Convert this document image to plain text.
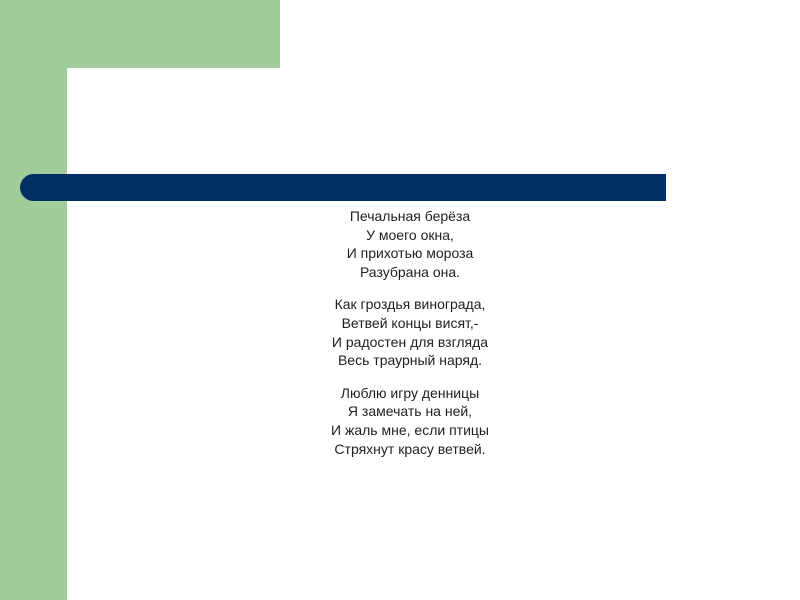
Печальная берёза
У моего окна,
И прихотью мороза
Разубрана она.
Как гроздья винограда,
Ветвей концы висят,-
И радостен для взгляда
Весь траурный наряд.
Люблю игру денницы
Я замечать на ней,
И жаль мне, если птицы
Стряхнут красу ветвей.
